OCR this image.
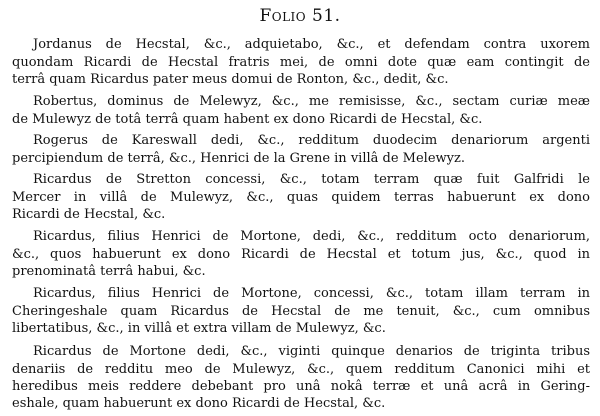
Folio 51.
Jordanus de Hecstal, &c., adquietabo, &c., et defendam contra uxorem
quondam Ricardi de Hecstal fratris mei, de omni dote quæ eam contingit de
terrâ quam Ricardus pater meus domui de Ronton, &c., dedit, &c.
Robertus, dominus de Melewyz, &c., me remisisse, &c., sectam curiæ meæ
de Mulewyz de totâ terrâ quam habent ex dono Ricardi de Hecstal, &c.
Rogerus de Kareswall dedi, &c., redditum duodecim denariorum argenti
percipiendum de terrâ, &c., Henrici de la Grene in villâ de Melewyz.
Ricardus de Stretton concessi, &c., totam terram quæ fuit Galfridi le
Mercer in villâ de Mulewyz, &c., quas quidem terras habuerunt ex dono
Ricardi de Hecstal, &c.
Ricardus, filius Henrici de Mortone, dedi, &c., redditum octo denariorum,
&c., quos habuerunt ex dono Ricardi de Hecstal et totum jus, &c., quod in
prenominatâ terrâ habui, &c.
Ricardus, filius Henrici de Mortone, concessi, &c., totam illam terram in
Cheringeshale quam Ricardus de Hecstal de me tenuit, &c., cum omnibus
libertatibus, &c., in villâ et extra villam de Mulewyz, &c.
Ricardus de Mortone dedi, &c., viginti quinque denarios de triginta tribus
denariis de redditu meo de Mulewyz, &c., quem redditum Canonici mihi et
heredibus meis reddere debebant pro unâ nokâ terræ et unâ acrâ in Gering-
eshale, quam habuerunt ex dono Ricardi de Hecstal, &c.
